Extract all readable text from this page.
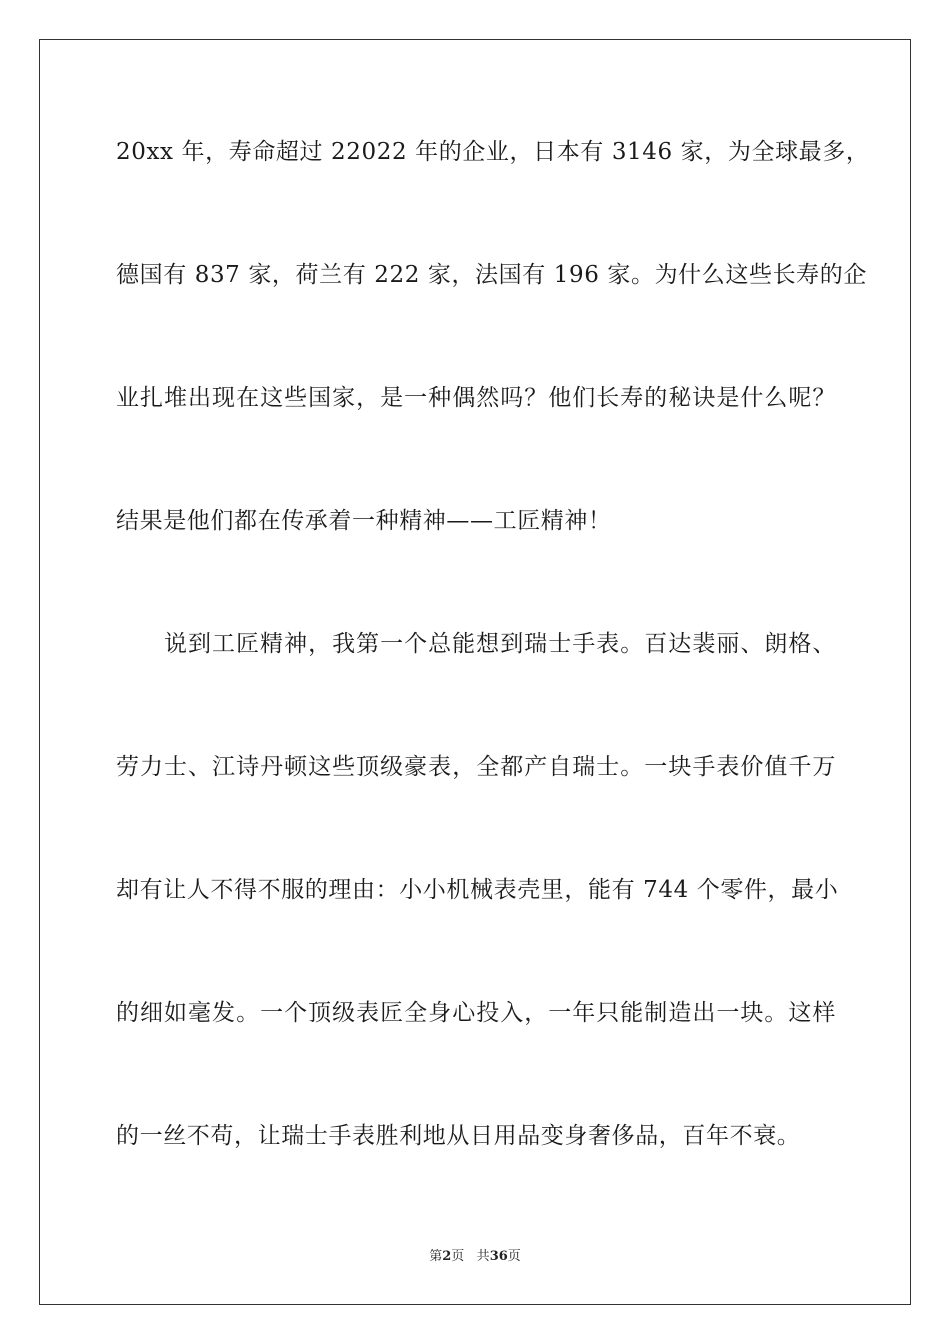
20xx 年，寿命超过 22022 年的企业，日本有 3146 家，为全球最多，
德国有 837 家，荷兰有 222 家，法国有 196 家。为什么这些长寿的企
业扎堆出现在这些国家，是一种偶然吗？他们长寿的秘诀是什么呢？
结果是他们都在传承着一种精神——工匠精神！
说到工匠精神，我第一个总能想到瑞士手表。百达裴丽、朗格、
劳力士、江诗丹顿这些顶级豪表，全都产自瑞士。一块手表价值千万
却有让人不得不服的理由：小小机械表壳里，能有 744 个零件，最小
的细如毫发。一个顶级表匠全身心投入，一年只能制造出一块。这样
的一丝不苟，让瑞士手表胜利地从日用品变身奢侈品，百年不衰。
第2页 共36页
